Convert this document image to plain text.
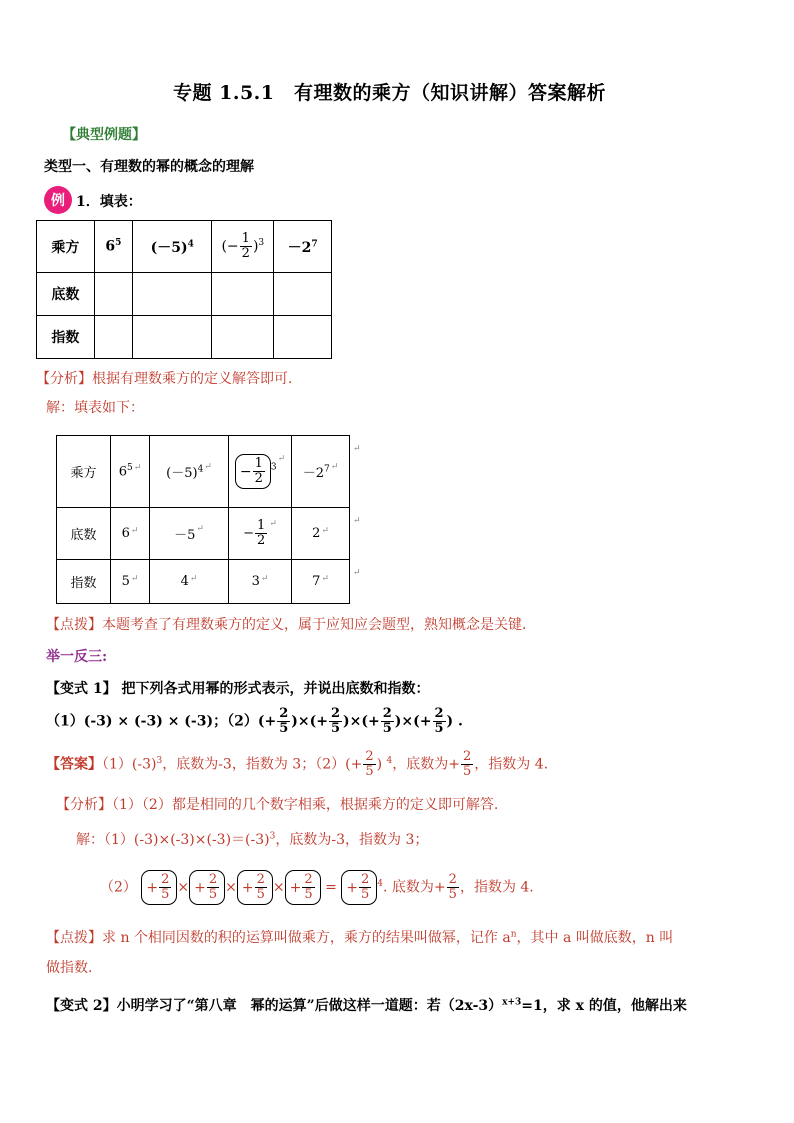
专题 1.5.1　有理数的乘方（知识讲解）答案解析
【典型例题】
类型一、有理数的幂的概念的理解
例 1．填表：
乘方	$6^5$	$(-5)^4$	(− $\frac{1}{2} )^3$	$-2^7$
底数				
指数				
【分析】根据有理数乘方的定义解答即可．
解：填表如下：
乘方	$6^{5↵}$	$(-5)^{4↵}$	− $\frac{1}{2} ^{3↵}$	$-2^{7↵}$
底数	6↵	－5↵	− $\frac{1}{2} ^↵$	2↵
指数	5↵	4↵	3↵	7↵
↵
↵
↵
【点拨】本题考查了有理数乘方的定义，属于应知应会题型，熟知概念是关键．
举一反三:
【变式 1】 把下列各式用幂的形式表示，并说出底数和指数：
（1）(-3) × (-3) × (-3)；$(2)(+ \frac{2}{5}$ )×(+ $\frac{2}{5}$ )×(+ $\frac{2}{5}$ )×(+ $\frac{2}{5}$ ) .
【答案】$(1)(-3)^3$，底数为-3，指数为 3；$(2)(+ \frac{2}{5}$ ) $^4$，底数为+ $\frac{2}{5}$ ，指数为 4.
【分析】（1）（2）都是相同的几个数字相乘，根据乘方的定义即可解答.
解：$(1)(-3)\times(-3)\times(-3)=(-3)^3$，底数为-3，指数为 3；
$(2) + \frac{2}{5}$ × + $\frac{2}{5}$ × + $\frac{2}{5}$ × + $\frac{2}{5}$ = + $\frac{2}{5} ^4$. 底数为+ $\frac{2}{5}$ ，指数为 4.
【点拨】求 n 个相同因数的积的运算叫做乘方，乘方的结果叫做幂，记作 $a^n$，其中 a 叫做底数，n 叫
做指数.
【变式 2】小明学习了“第八章　幂的运算”后做这样一道题：若$(2x-3)^{x+3}=1$，求 x 的值，他解出来
